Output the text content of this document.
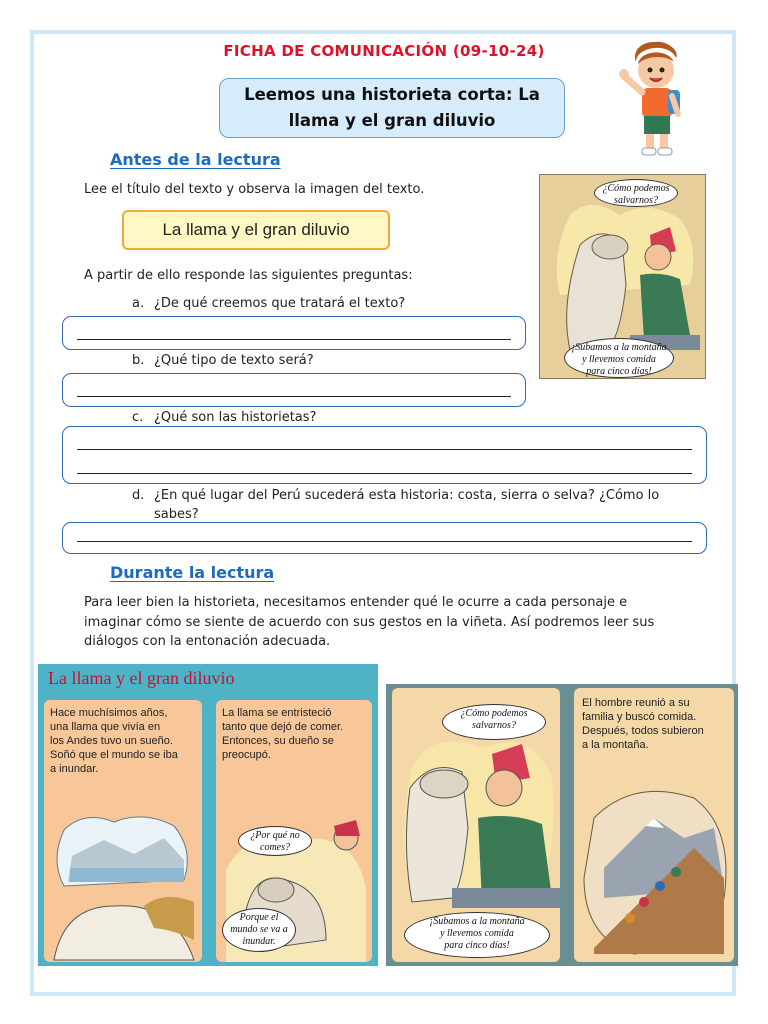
FICHA DE COMUNICACIÓN (09-10-24)
Leemos una historieta corta: La
llama y el gran diluvio
Antes de la lectura
Lee el título del texto y observa la imagen del texto.
La llama y el gran diluvio
A partir de ello responde las siguientes preguntas:
a. ¿De qué creemos que tratará el texto?
b. ¿Qué tipo de texto será?
c. ¿Qué son las historietas?
d. ¿En qué lugar del Perú sucederá esta historia: costa, sierra o selva? ¿Cómo lo
sabes?
¿Cómo podemos
salvarnos?
¡Subamos a la montaña
y llevemos comida
para cinco días!
Durante la lectura
Para leer bien la historieta, necesitamos entender qué le ocurre a cada personaje e
imaginar cómo se siente de acuerdo con sus gestos en la viñeta. Así podremos leer sus
diálogos con la entonación adecuada.
Hace muchísimos años,
una llama que vivía en
los Andes tuvo un sueño.
Soñó que el mundo se iba
a inundar.
La llama se entristeció
tanto que dejó de comer.
Entonces, su dueño se
preocupó.
¿Por qué no
comes?
Porque el
mundo se va a
inundar.
La llama y el gran diluvio
¿Cómo podemos
salvarnos?
¡Subamos a la montaña
y llevemos comida
para cinco días!
El hombre reunió a su
familia y buscó comida.
Después, todos subieron
a la montaña.
